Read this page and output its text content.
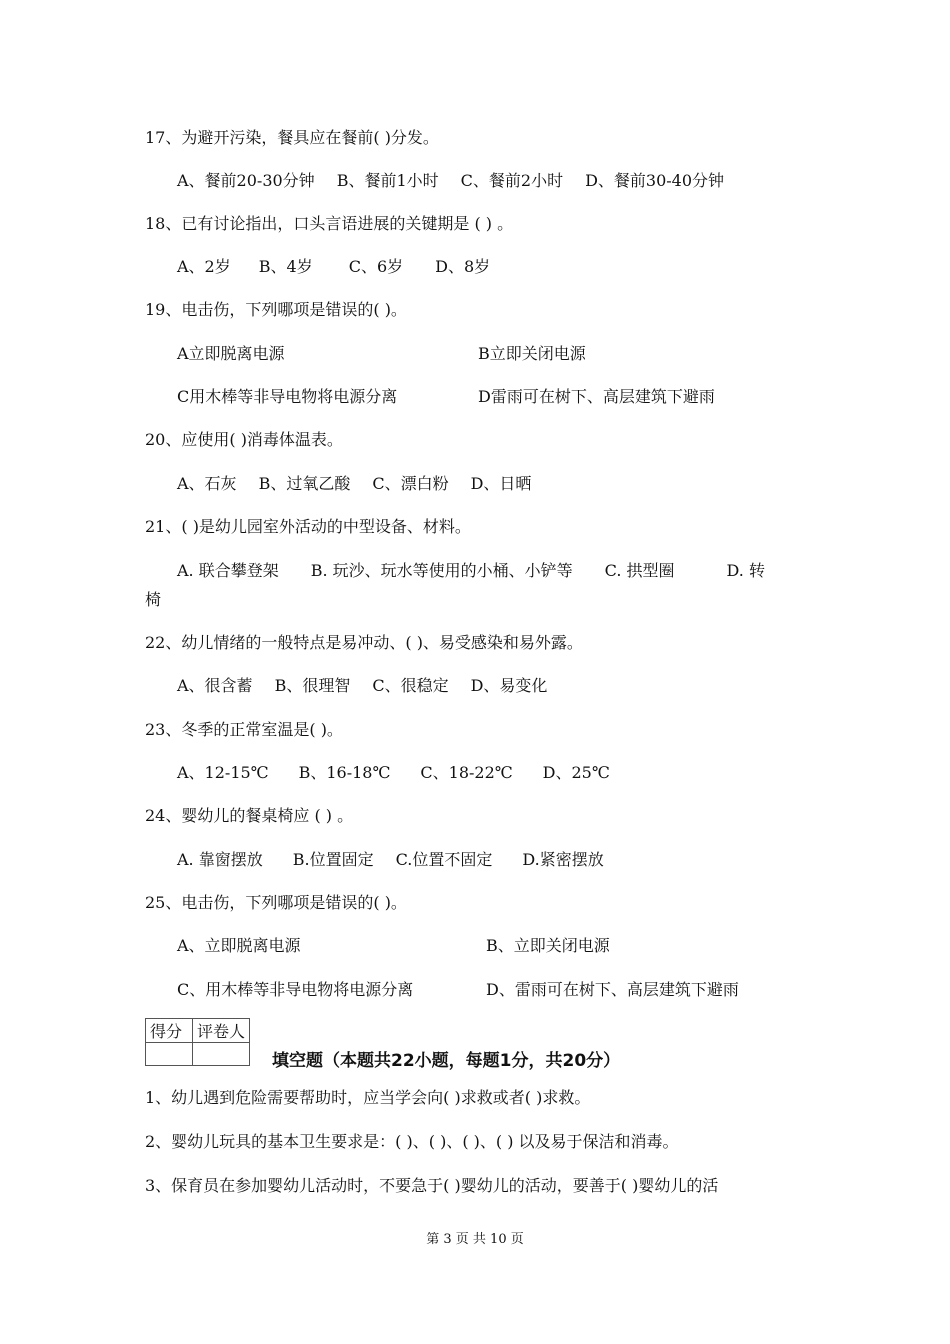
17、为避开污染，餐具应在餐前( )分发。
A、餐前20-30分钟 B、餐前1小时 C、餐前2小时 D、餐前30-40分钟
18、已有讨论指出，口头言语进展的关键期是 ( ) 。
A、2岁 B、4岁 C、6岁 D、8岁
19、电击伤，下列哪项是错误的( )。
A立即脱离电源	B立即关闭电源
C用木棒等非导电物将电源分离	D雷雨可在树下、高层建筑下避雨
20、应使用( )消毒体温表。
A、石灰 B、过氧乙酸 C、漂白粉 D、日晒
21、( )是幼儿园室外活动的中型设备、材料。
A. 联合攀登架 B. 玩沙、玩水等使用的小桶、小铲等 C. 拱型圈	D. 转
椅
22、幼儿情绪的一般特点是易冲动、( )、易受感染和易外露。
A、很含蓄 B、很理智 C、很稳定 D、易变化
23、冬季的正常室温是( )。
A、12-15℃ B、16-18℃ C、18-22℃ D、25℃
24、婴幼儿的餐桌椅应 ( ) 。
A. 靠窗摆放 B.位置固定 C.位置不固定 D.紧密摆放
25、电击伤，下列哪项是错误的( )。
A、立即脱离电源	B、立即关闭电源
C、用木棒等非导电物将电源分离	D、雷雨可在树下、高层建筑下避雨
得分	评卷人

填空题（本题共22小题，每题1分，共20分）
1、幼儿遇到危险需要帮助时，应当学会向( )求救或者( )求救。
2、婴幼儿玩具的基本卫生要求是：( )、( )、( )、( ) 以及易于保洁和消毒。
3、保育员在参加婴幼儿活动时，不要急于( )婴幼儿的活动，要善于( )婴幼儿的活
第 3 页 共 10 页
